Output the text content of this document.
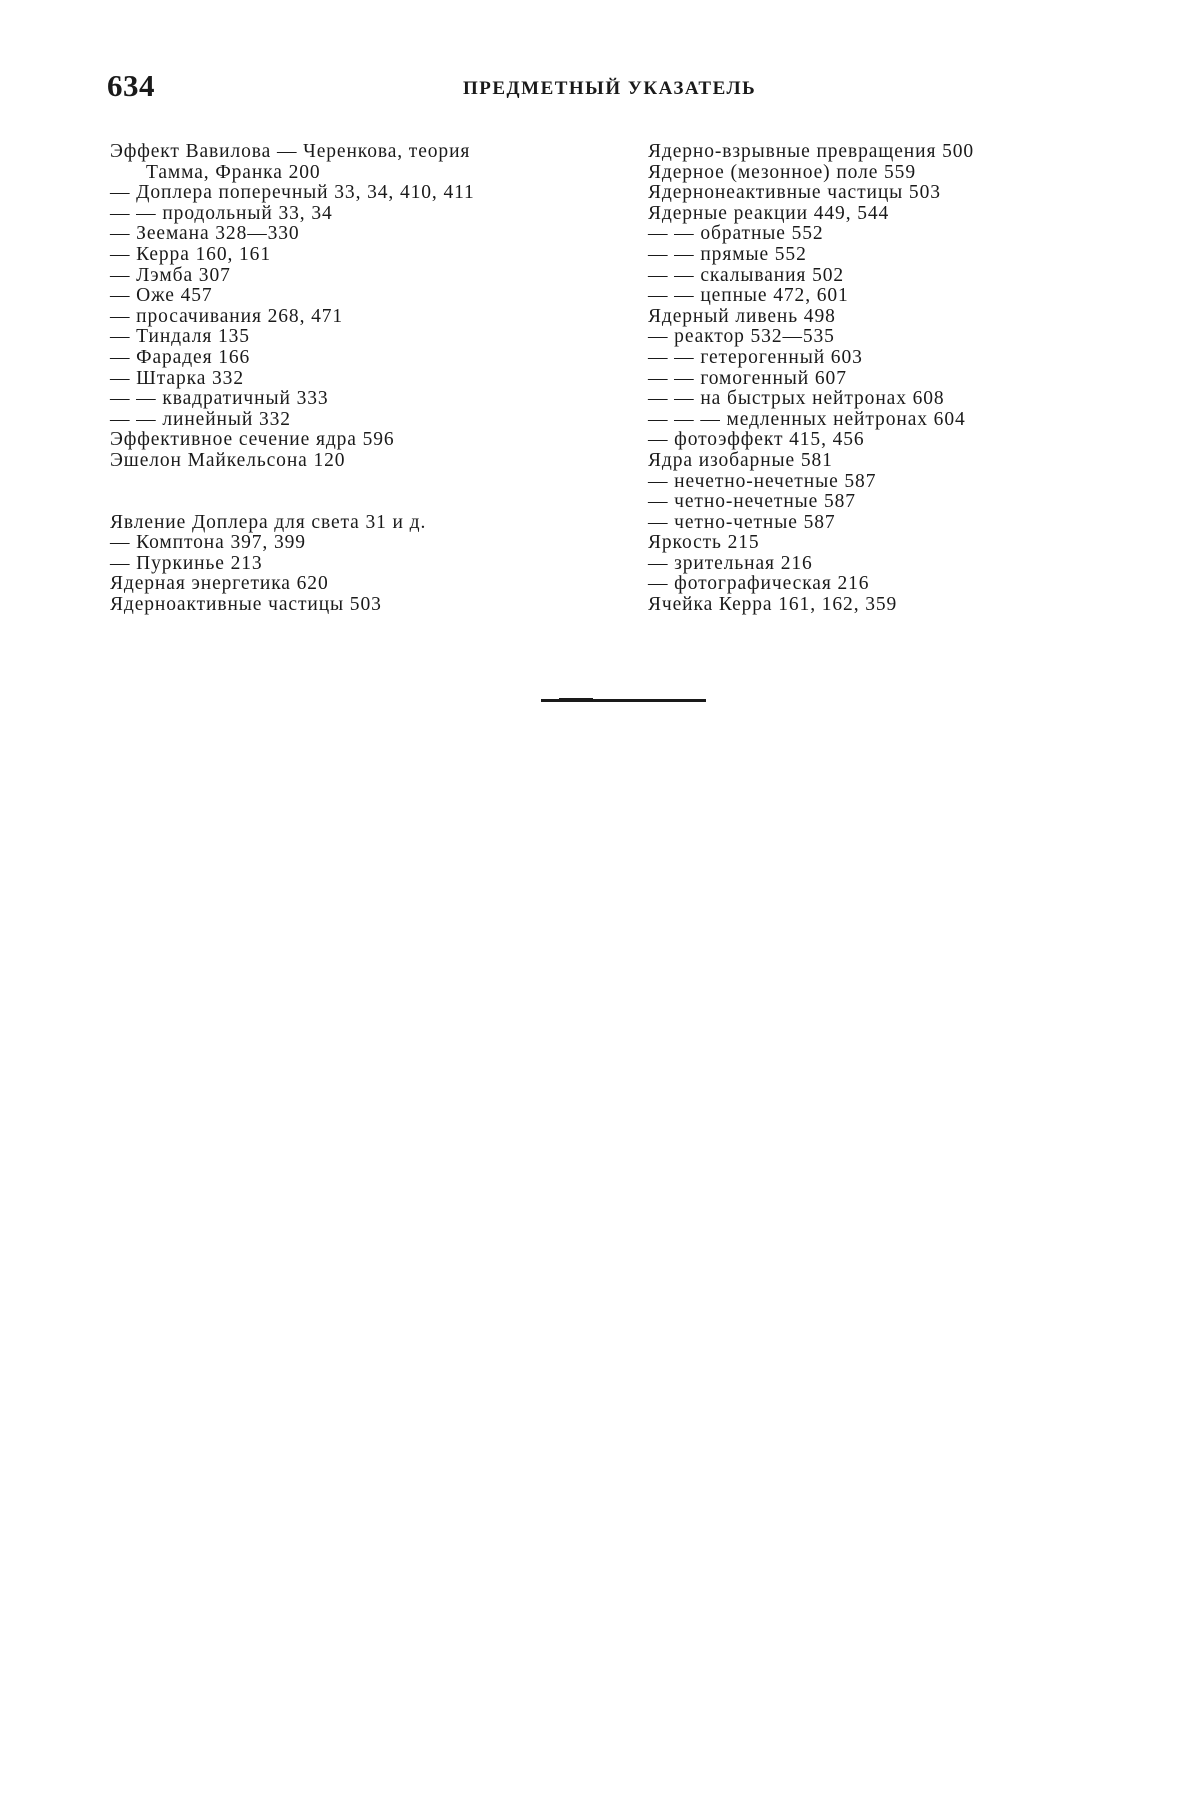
634	ПРЕДМЕТНЫЙ УКАЗАТЕЛЬ
Эффект Вавилова — Черенкова, теория
Тамма, Франка 200
— Доплера поперечный 33, 34, 410, 411
— — продольный 33, 34
— Зеемана 328—330
— Керра 160, 161
— Лэмба 307
— Оже 457
— просачивания 268, 471
— Тиндаля 135
— Фарадея 166
— Штарка 332
— — квадратичный 333
— — линейный 332
Эффективное сечение ядра 596
Эшелон Майкельсона 120
Явление Доплера для света 31 и д.
— Комптона 397, 399
— Пуркинье 213
Ядерная энергетика 620
Ядерноактивные частицы 503
Ядерно-взрывные превращения 500
Ядерное (мезонное) поле 559
Ядернонеактивные частицы 503
Ядерные реакции 449, 544
— — обратные 552
— — прямые 552
— — скалывания 502
— — цепные 472, 601
Ядерный ливень 498
— реактор 532—535
— — гетерогенный 603
— — гомогенный 607
— — на быстрых нейтронах 608
— — — медленных нейтронах 604
— фотоэффект 415, 456
Ядра изобарные 581
— нечетно-нечетные 587
— четно-нечетные 587
— четно-четные 587
Яркость 215
— зрительная 216
— фотографическая 216
Ячейка Керра 161, 162, 359
